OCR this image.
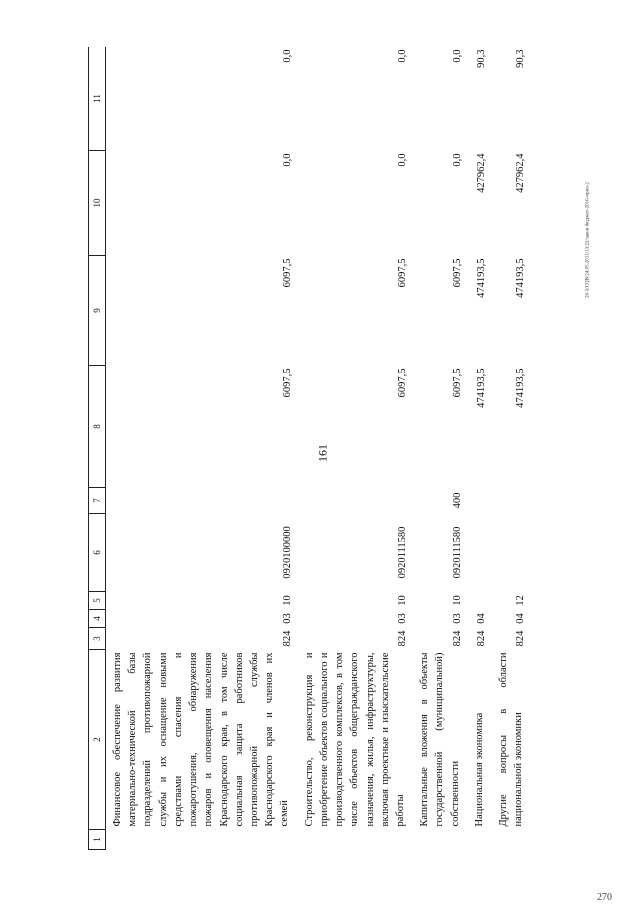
161
20-3/CQB/24.05.2011/13:22/закон бюджет-2010-прил-2
270
1	2	3	4	5	6	7	8	9	10	11
	Финансовое обеспечение развития материально-технической базы подразделений противопожарной службы и их оснащение новыми средствами спасения и пожаротушения, обнаружения пожаров и оповещения населения Краснодарского края, в том числе социальная защита работников противопожарной службы Краснодарского края и членов их семей	824	03	10	0920100000		6097,5	6097,5	0,0	0,0
	Строительство, реконструкция и приобретение объектов социального и производственного комплексов, в том числе объектов общегражданского назначения, жилья, инфраструктуры, включая проектные и изыскательские работы	824	03	10	0920111580		6097,5	6097,5	0,0	0,0
	Капитальные вложения в объекты государственной (муниципальной) собственности	824	03	10	0920111580	400	6097,5	6097,5	0,0	0,0
	Национальная экономика	824	04				474193,5	474193,5	427962,4	90,3
	Другие вопросы в области национальной экономики	824	04	12			474193,5	474193,5	427962,4	90,3
